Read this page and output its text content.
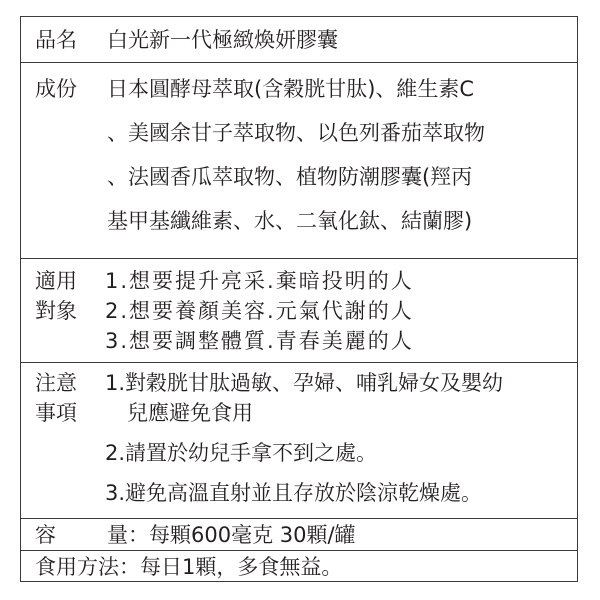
品名 白光新一代極緻煥妍膠囊
成份 日本圓酵母萃取(含穀胱甘肽)、維生素C
、美國余甘子萃取物、以色列番茄萃取物
、法國香瓜萃取物、植物防潮膠囊(羥丙
基甲基纖維素、水、二氧化鈦、結蘭膠)
適用
對象
1.想要提升亮采.棄暗投明的人
2.想要養顏美容.元氣代謝的人
3.想要調整體質.青春美麗的人
注意
事項
1.對穀胱甘肽過敏、孕婦、哺乳婦女及嬰幼
兒應避免食用
2.請置於幼兒手拿不到之處。
3.避免高溫直射並且存放於陰涼乾燥處。
容 量：每顆600毫克 30顆/罐
食用方法：每日1顆，多食無益。
